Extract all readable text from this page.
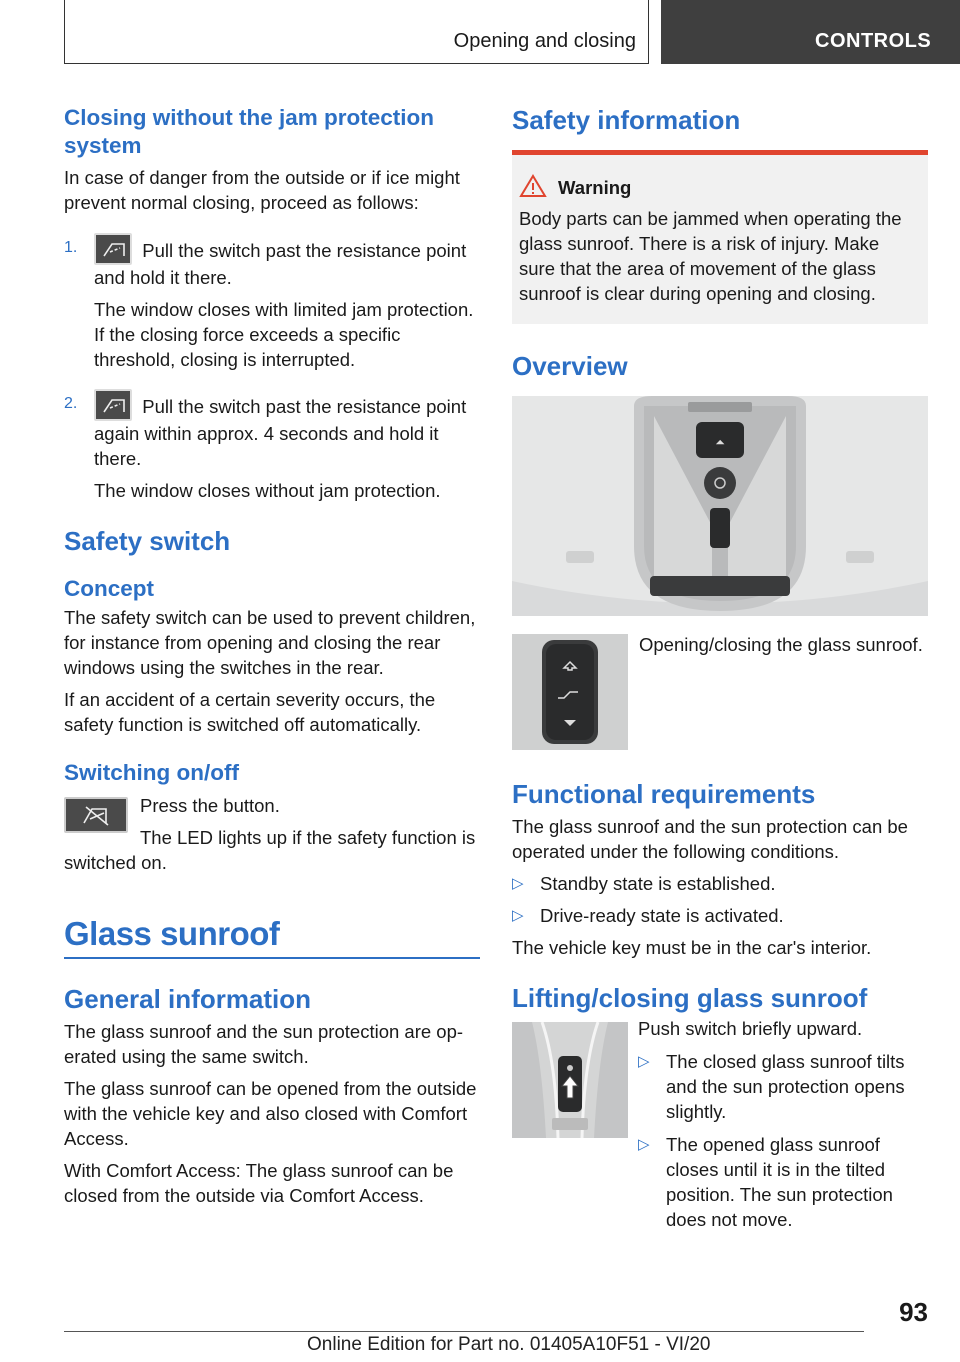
Opening and closing	CONTROLS
Closing without the jam protection system

In case of danger from the outside or if ice might prevent normal closing, proceed as follows:

1.	Pull the switch past the resistance point and hold it there.

The window closes with limited jam protection. If the closing force exceeds a specific threshold, closing is interrupted.

2.	Pull the switch past the resistance point again within approx. 4 seconds and hold it there.

The window closes without jam protection.

Safety switch
Concept

The safety switch can be used to prevent children, for instance from opening and closing the rear windows using the switches in the rear.

If an accident of a certain severity occurs, the safety function is switched off automatically.

Switching on/off

Press the button.

The LED lights up if the safety function is switched on.

Glass sunroof
General information

The glass sunroof and the sun protection are operated using the same switch.

The glass sunroof can be opened from the outside with the vehicle key and also closed with Comfort Access.

With Comfort Access: The glass sunroof can be closed from the outside via Comfort Access.

Safety information
Warning

Body parts can be jammed when operating the glass sunroof. There is a risk of injury. Make sure that the area of movement of the glass sunroof is clear during opening and closing.

Overview
⏶

Opening/closing the glass sunroof.

Functional requirements

The glass sunroof and the sun protection can be operated under the following conditions.

▷ Standby state is established.

▷ Drive-ready state is activated.

The vehicle key must be in the car's interior.

Lifting/closing glass sunroof

Push switch briefly upward.

▷ The closed glass sunroof tilts and the sun protection opens slightly.

▷ The opened glass sunroof closes until it is in the tilted position. The sun protection does not move.

93
Online Edition for Part no. 01405A10F51 - VI/20
